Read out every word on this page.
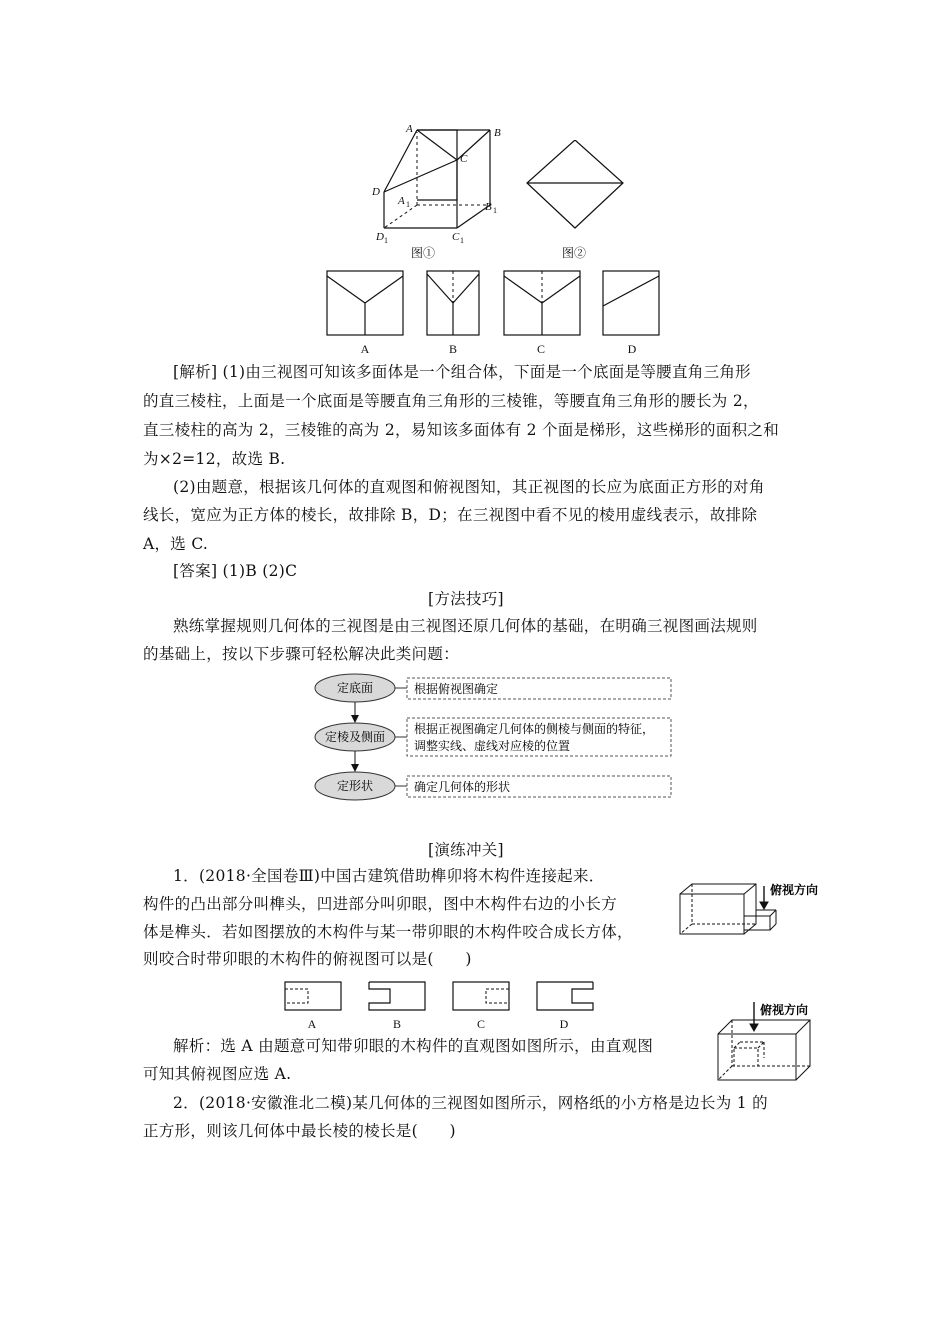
A	B
C
D
A	B
D	C
1
1
1	1
图①	图②
A	B	C	D
[解析] (1)由三视图可知该多面体是一个组合体，下面是一个底面是等腰直角三角形
的直三棱柱，上面是一个底面是等腰直角三角形的三棱锥，等腰直角三角形的腰长为 2，
直三棱柱的高为 2，三棱锥的高为 2，易知该多面体有 2 个面是梯形，这些梯形的面积之和
为×2=12，故选 B.
(2)由题意，根据该几何体的直观图和俯视图知，其正视图的长应为底面正方形的对角
线长，宽应为正方体的棱长，故排除 B，D；在三视图中看不见的棱用虚线表示，故排除
A，选 C.
[答案] (1)B (2)C
[方法技巧]
熟练掌握规则几何体的三视图是由三视图还原几何体的基础，在明确三视图画法规则
的基础上，按以下步骤可轻松解决此类问题：
定底面
定棱及侧面
定形状
根据俯视图确定
根据正视图确定几何体的侧棱与侧面的特征，
调整实线、虚线对应棱的位置
确定几何体的形状
[演练冲关]
1．(2018·全国卷Ⅲ)中国古建筑借助榫卯将木构件连接起来．
构件的凸出部分叫榫头，凹进部分叫卯眼，图中木构件右边的小长方
体是榫头．若如图摆放的木构件与某一带卯眼的木构件咬合成长方体，
则咬合时带卯眼的木构件的俯视图可以是(　　)
俯视方向
A	B	C	D
俯视方向
解析：选 A 由题意可知带卯眼的木构件的直观图如图所示，由直观图
可知其俯视图应选 A.
2．(2018·安徽淮北二模)某几何体的三视图如图所示，网格纸的小方格是边长为 1 的
正方形，则该几何体中最长棱的棱长是(　　)
